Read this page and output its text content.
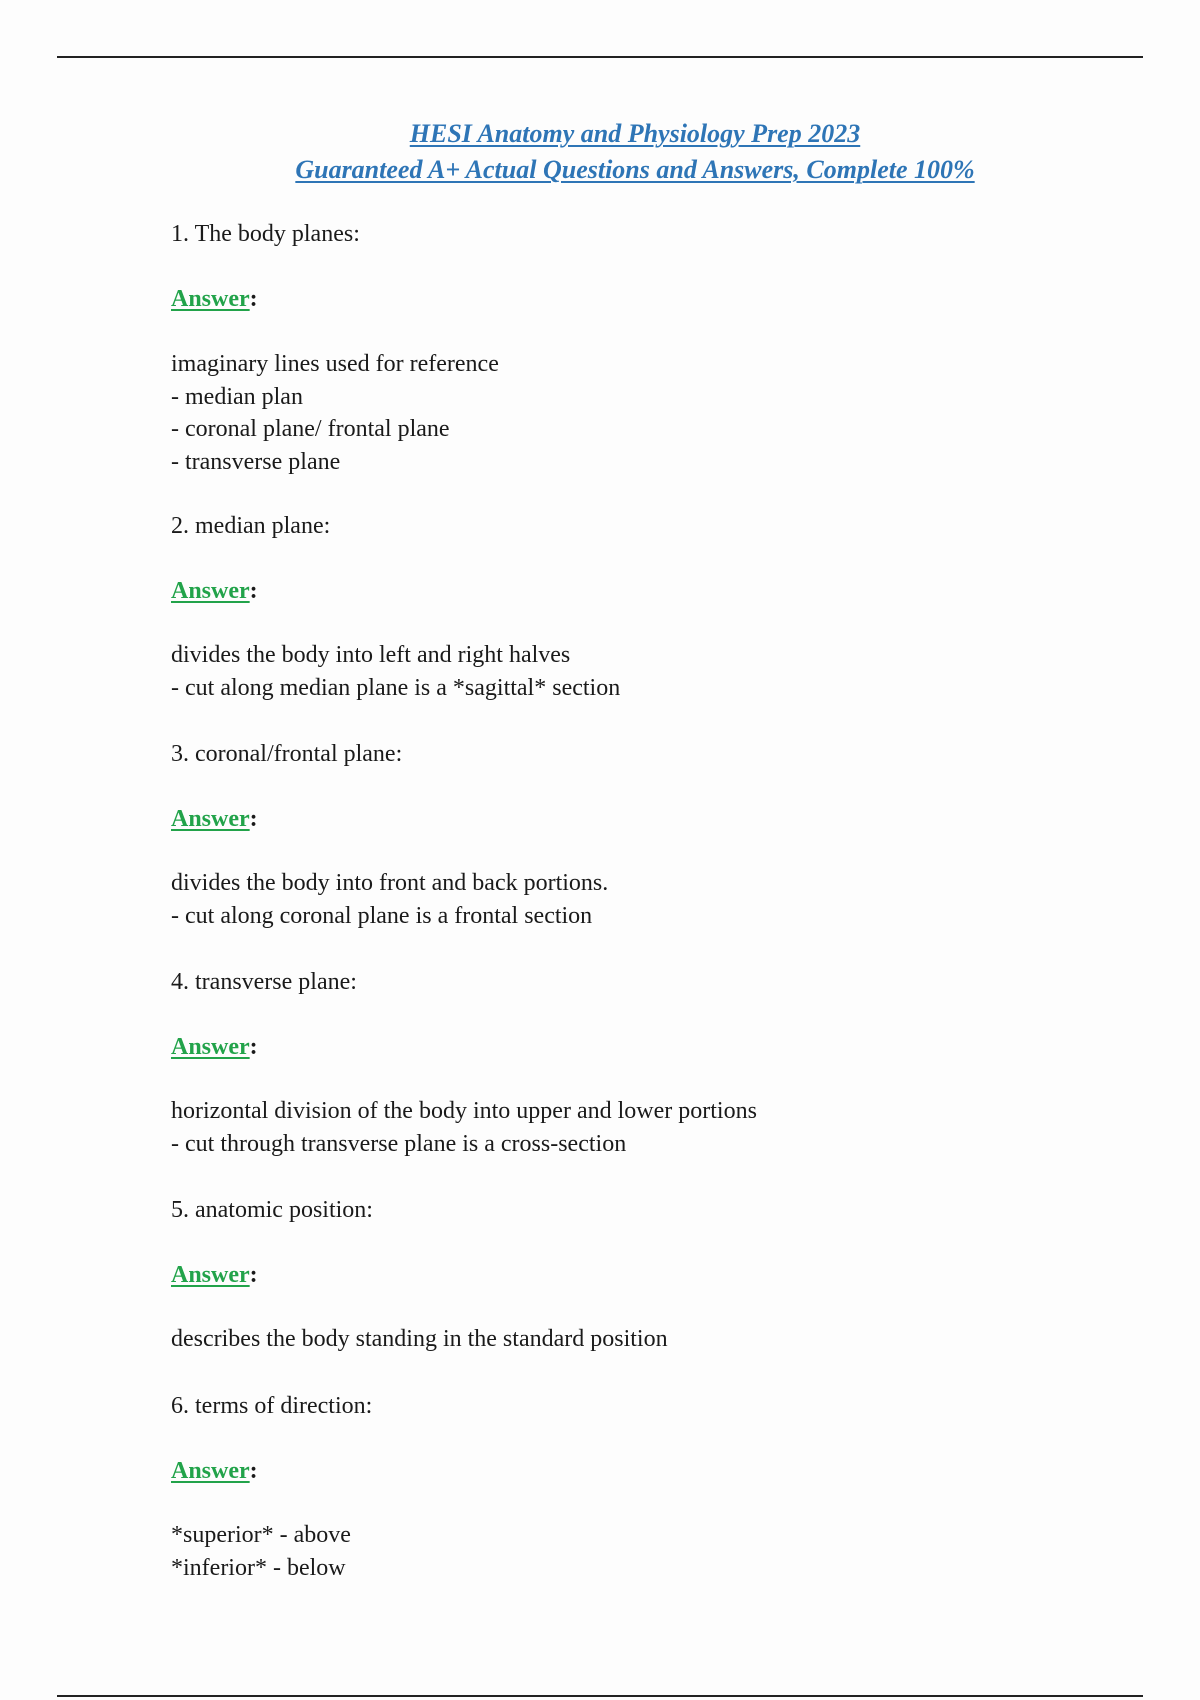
HESI Anatomy and Physiology Prep 2023
Guaranteed A+ Actual Questions and Answers, Complete 100%

1. The body planes:

Answer:

imaginary lines used for reference

- median plan

- coronal plane/ frontal plane

- transverse plane

2. median plane:

Answer:

divides the body into left and right halves

- cut along median plane is a *sagittal* section

3. coronal/frontal plane:

Answer:

divides the body into front and back portions.

- cut along coronal plane is a frontal section

4. transverse plane:

Answer:

horizontal division of the body into upper and lower portions

- cut through transverse plane is a cross-section

5. anatomic position:

Answer:

describes the body standing in the standard position

6. terms of direction:

Answer:

*superior* - above

*inferior* - below
